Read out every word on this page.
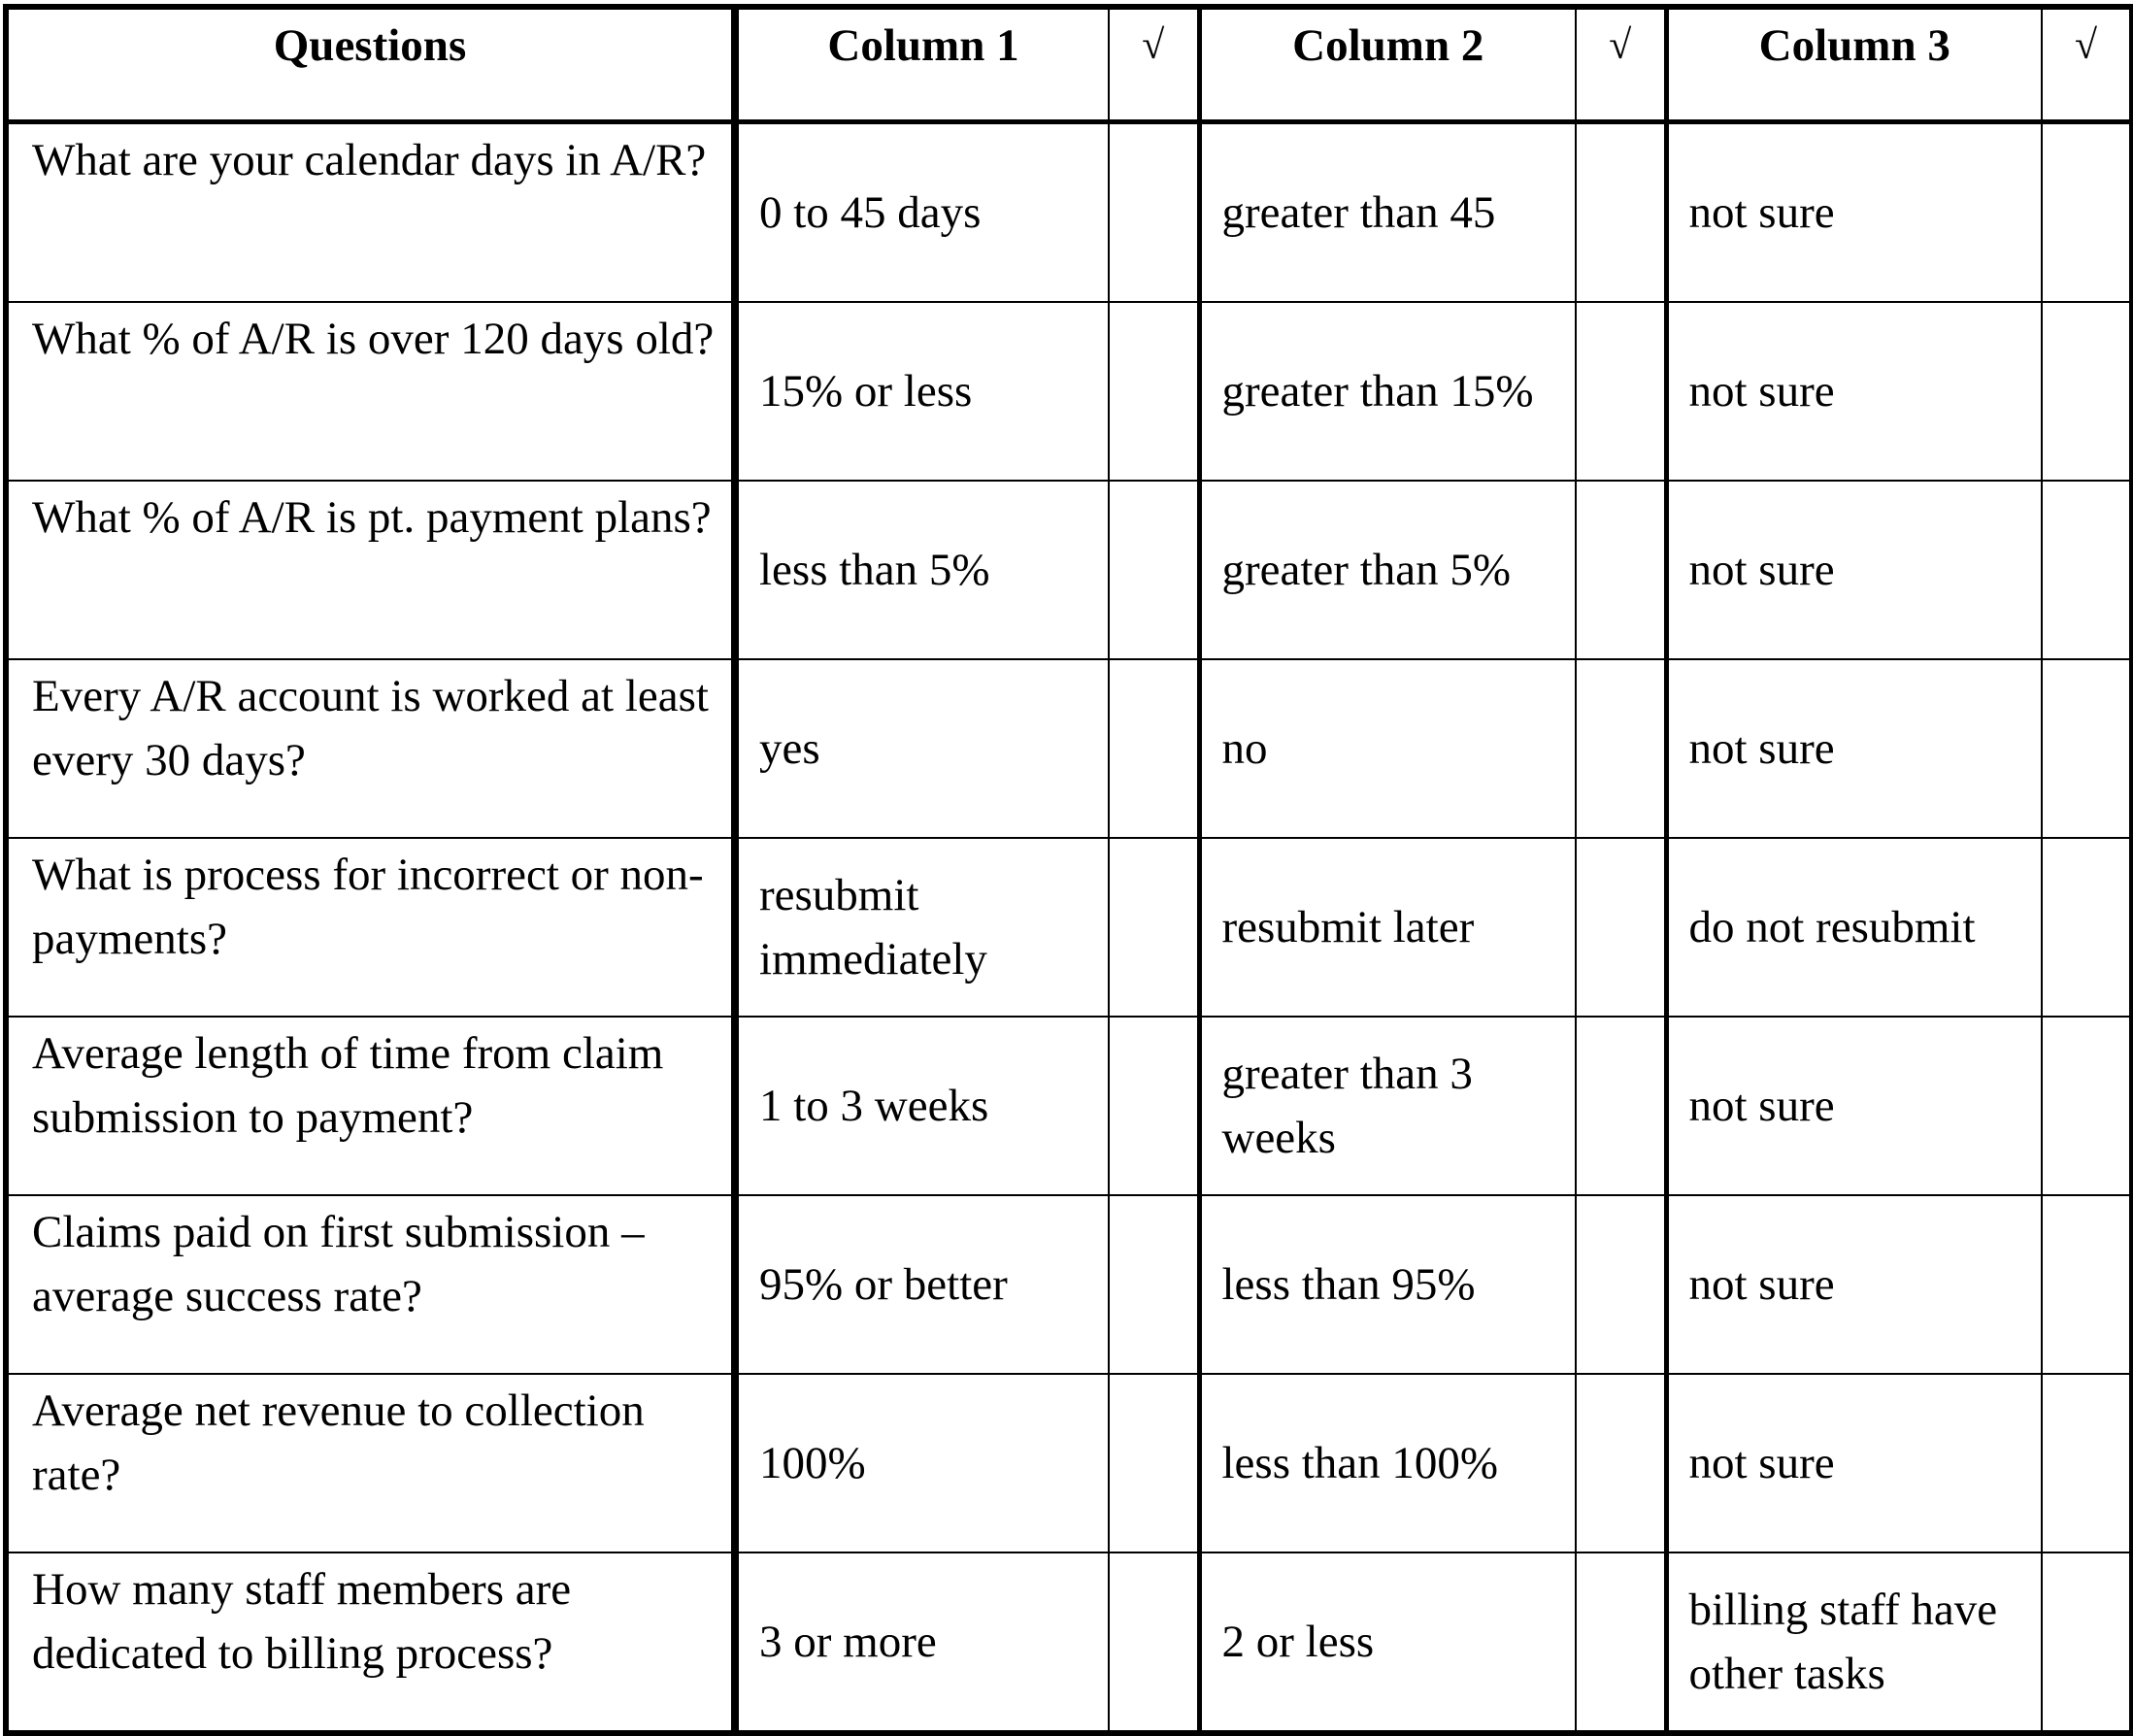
Questions	Column 1	√	Column 2	√	Column 3	√
What are your calendar days in A/R?	0 to 45 days		greater than 45		not sure	
What % of A/R is over 120 days old?	15% or less		greater than 15%		not sure	
What % of A/R is pt. payment plans?	less than 5%		greater than 5%		not sure	
Every A/R account is worked at least every 30 days?	yes		no		not sure	
What is process for incorrect or non-payments?	resubmit immediately		resubmit later		do not resubmit	
Average length of time from claim submission to payment?	1 to 3 weeks		greater than 3 weeks		not sure	
Claims paid on first submission – average success rate?	95% or better		less than 95%		not sure	
Average net revenue to collection rate?	100%		less than 100%		not sure	
How many staff members are dedicated to billing process?	3 or more		2 or less		billing staff have other tasks	
